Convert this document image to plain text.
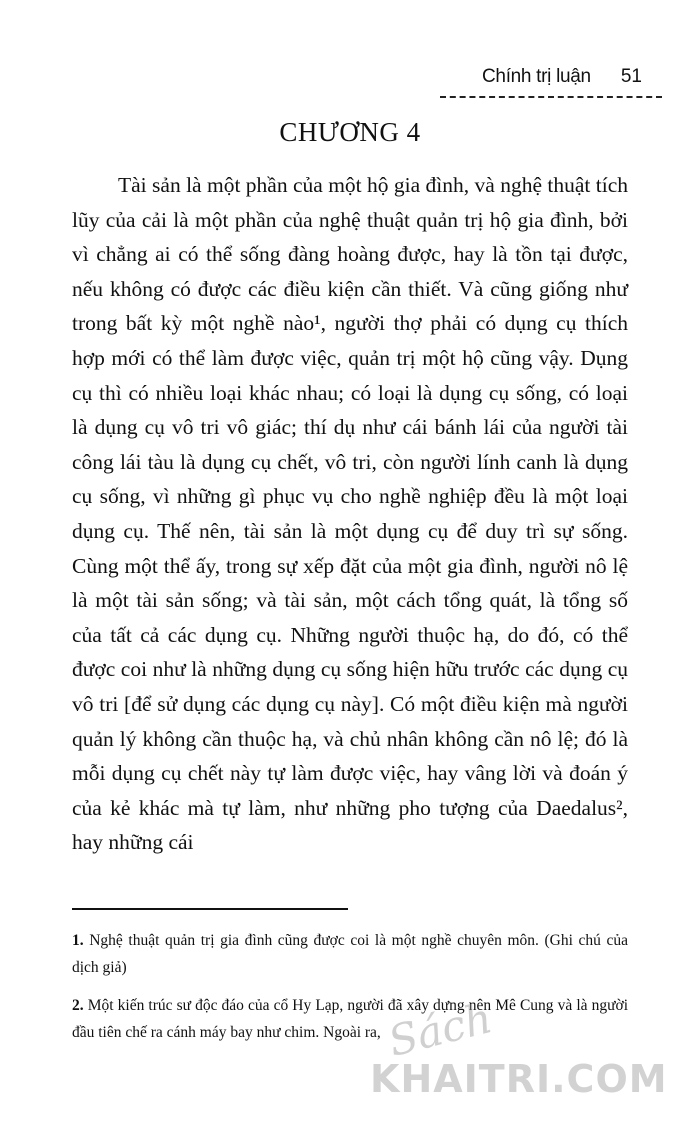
Chính trị luận 51
CHƯƠNG 4

Tài sản là một phần của một hộ gia đình, và nghệ thuật tích lũy của cải là một phần của nghệ thuật quản trị hộ gia đình, bởi vì chẳng ai có thể sống đàng hoàng được, hay là tồn tại được, nếu không có được các điều kiện cần thiết. Và cũng giống như trong bất kỳ một nghề nào¹, người thợ phải có dụng cụ thích hợp mới có thể làm được việc, quản trị một hộ cũng vậy. Dụng cụ thì có nhiều loại khác nhau; có loại là dụng cụ sống, có loại là dụng cụ vô tri vô giác; thí dụ như cái bánh lái của người tài công lái tàu là dụng cụ chết, vô tri, còn người lính canh là dụng cụ sống, vì những gì phục vụ cho nghề nghiệp đều là một loại dụng cụ. Thế nên, tài sản là một dụng cụ để duy trì sự sống. Cùng một thể ấy, trong sự xếp đặt của một gia đình, người nô lệ là một tài sản sống; và tài sản, một cách tổng quát, là tổng số của tất cả các dụng cụ. Những người thuộc hạ, do đó, có thể được coi như là những dụng cụ sống hiện hữu trước các dụng cụ vô tri [để sử dụng các dụng cụ này]. Có một điều kiện mà người quản lý không cần thuộc hạ, và chủ nhân không cần nô lệ; đó là mỗi dụng cụ chết này tự làm được việc, hay vâng lời và đoán ý của kẻ khác mà tự làm, như những pho tượng của Daedalus², hay những cái

1. Nghệ thuật quản trị gia đình cũng được coi là một nghề chuyên môn. (Ghi chú của dịch giả)

2. Một kiến trúc sư độc đáo của cổ Hy Lạp, người đã xây dựng nên Mê Cung và là người đầu tiên chế ra cánh máy bay như chim. Ngoài ra, Sách
KHAITRI.COM
